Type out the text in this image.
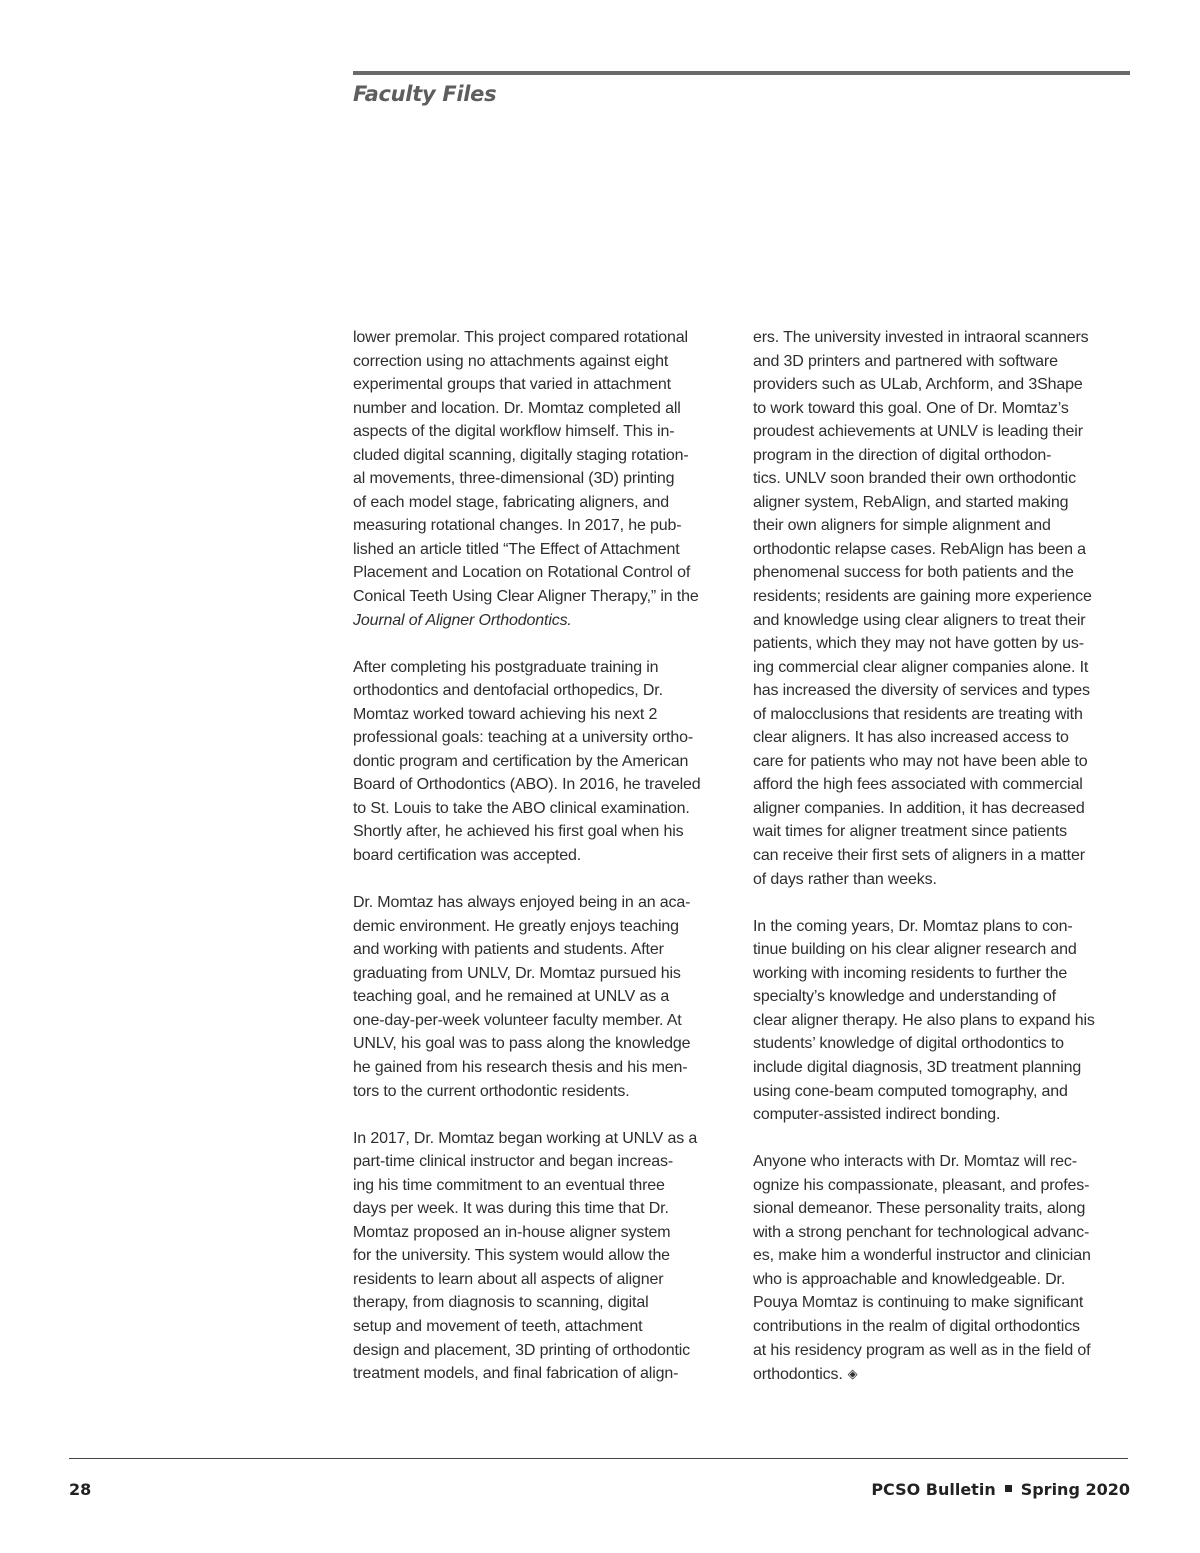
Faculty Files
lower premolar. This project compared rotational
correction using no attachments against eight
experimental groups that varied in attachment
number and location. Dr. Momtaz completed all
aspects of the digital workflow himself. This in-
cluded digital scanning, digitally staging rotation-
al movements, three-dimensional (3D) printing
of each model stage, fabricating aligners, and
measuring rotational changes. In 2017, he pub-
lished an article titled “The Effect of Attachment
Placement and Location on Rotational Control of
Conical Teeth Using Clear Aligner Therapy,” in the
Journal of Aligner Orthodontics.
After completing his postgraduate training in
orthodontics and dentofacial orthopedics, Dr.
Momtaz worked toward achieving his next 2
professional goals: teaching at a university ortho-
dontic program and certification by the American
Board of Orthodontics (ABO). In 2016, he traveled
to St. Louis to take the ABO clinical examination.
Shortly after, he achieved his first goal when his
board certification was accepted.
Dr. Momtaz has always enjoyed being in an aca-
demic environment. He greatly enjoys teaching
and working with patients and students. After
graduating from UNLV, Dr. Momtaz pursued his
teaching goal, and he remained at UNLV as a
one-day-per-week volunteer faculty member. At
UNLV, his goal was to pass along the knowledge
he gained from his research thesis and his men-
tors to the current orthodontic residents.
In 2017, Dr. Momtaz began working at UNLV as a
part-time clinical instructor and began increas-
ing his time commitment to an eventual three
days per week. It was during this time that Dr.
Momtaz proposed an in-house aligner system
for the university. This system would allow the
residents to learn about all aspects of aligner
therapy, from diagnosis to scanning, digital
setup and movement of teeth, attachment
design and placement, 3D printing of orthodontic
treatment models, and final fabrication of align-
ers. The university invested in intraoral scanners
and 3D printers and partnered with software
providers such as ULab, Archform, and 3Shape
to work toward this goal. One of Dr. Momtaz’s
proudest achievements at UNLV is leading their
program in the direction of digital orthodon-
tics. UNLV soon branded their own orthodontic
aligner system, RebAlign, and started making
their own aligners for simple alignment and
orthodontic relapse cases. RebAlign has been a
phenomenal success for both patients and the
residents; residents are gaining more experience
and knowledge using clear aligners to treat their
patients, which they may not have gotten by us-
ing commercial clear aligner companies alone. It
has increased the diversity of services and types
of malocclusions that residents are treating with
clear aligners. It has also increased access to
care for patients who may not have been able to
afford the high fees associated with commercial
aligner companies. In addition, it has decreased
wait times for aligner treatment since patients
can receive their first sets of aligners in a matter
of days rather than weeks.
In the coming years, Dr. Momtaz plans to con-
tinue building on his clear aligner research and
working with incoming residents to further the
specialty’s knowledge and understanding of
clear aligner therapy. He also plans to expand his
students’ knowledge of digital orthodontics to
include digital diagnosis, 3D treatment planning
using cone-beam computed tomography, and
computer-assisted indirect bonding.
Anyone who interacts with Dr. Momtaz will rec-
ognize his compassionate, pleasant, and profes-
sional demeanor. These personality traits, along
with a strong penchant for technological advanc-
es, make him a wonderful instructor and clinician
who is approachable and knowledgeable. Dr.
Pouya Momtaz is continuing to make significant
contributions in the realm of digital orthodontics
at his residency program as well as in the field of
orthodontics. ◈
28	PCSO Bulletin Spring 2020
